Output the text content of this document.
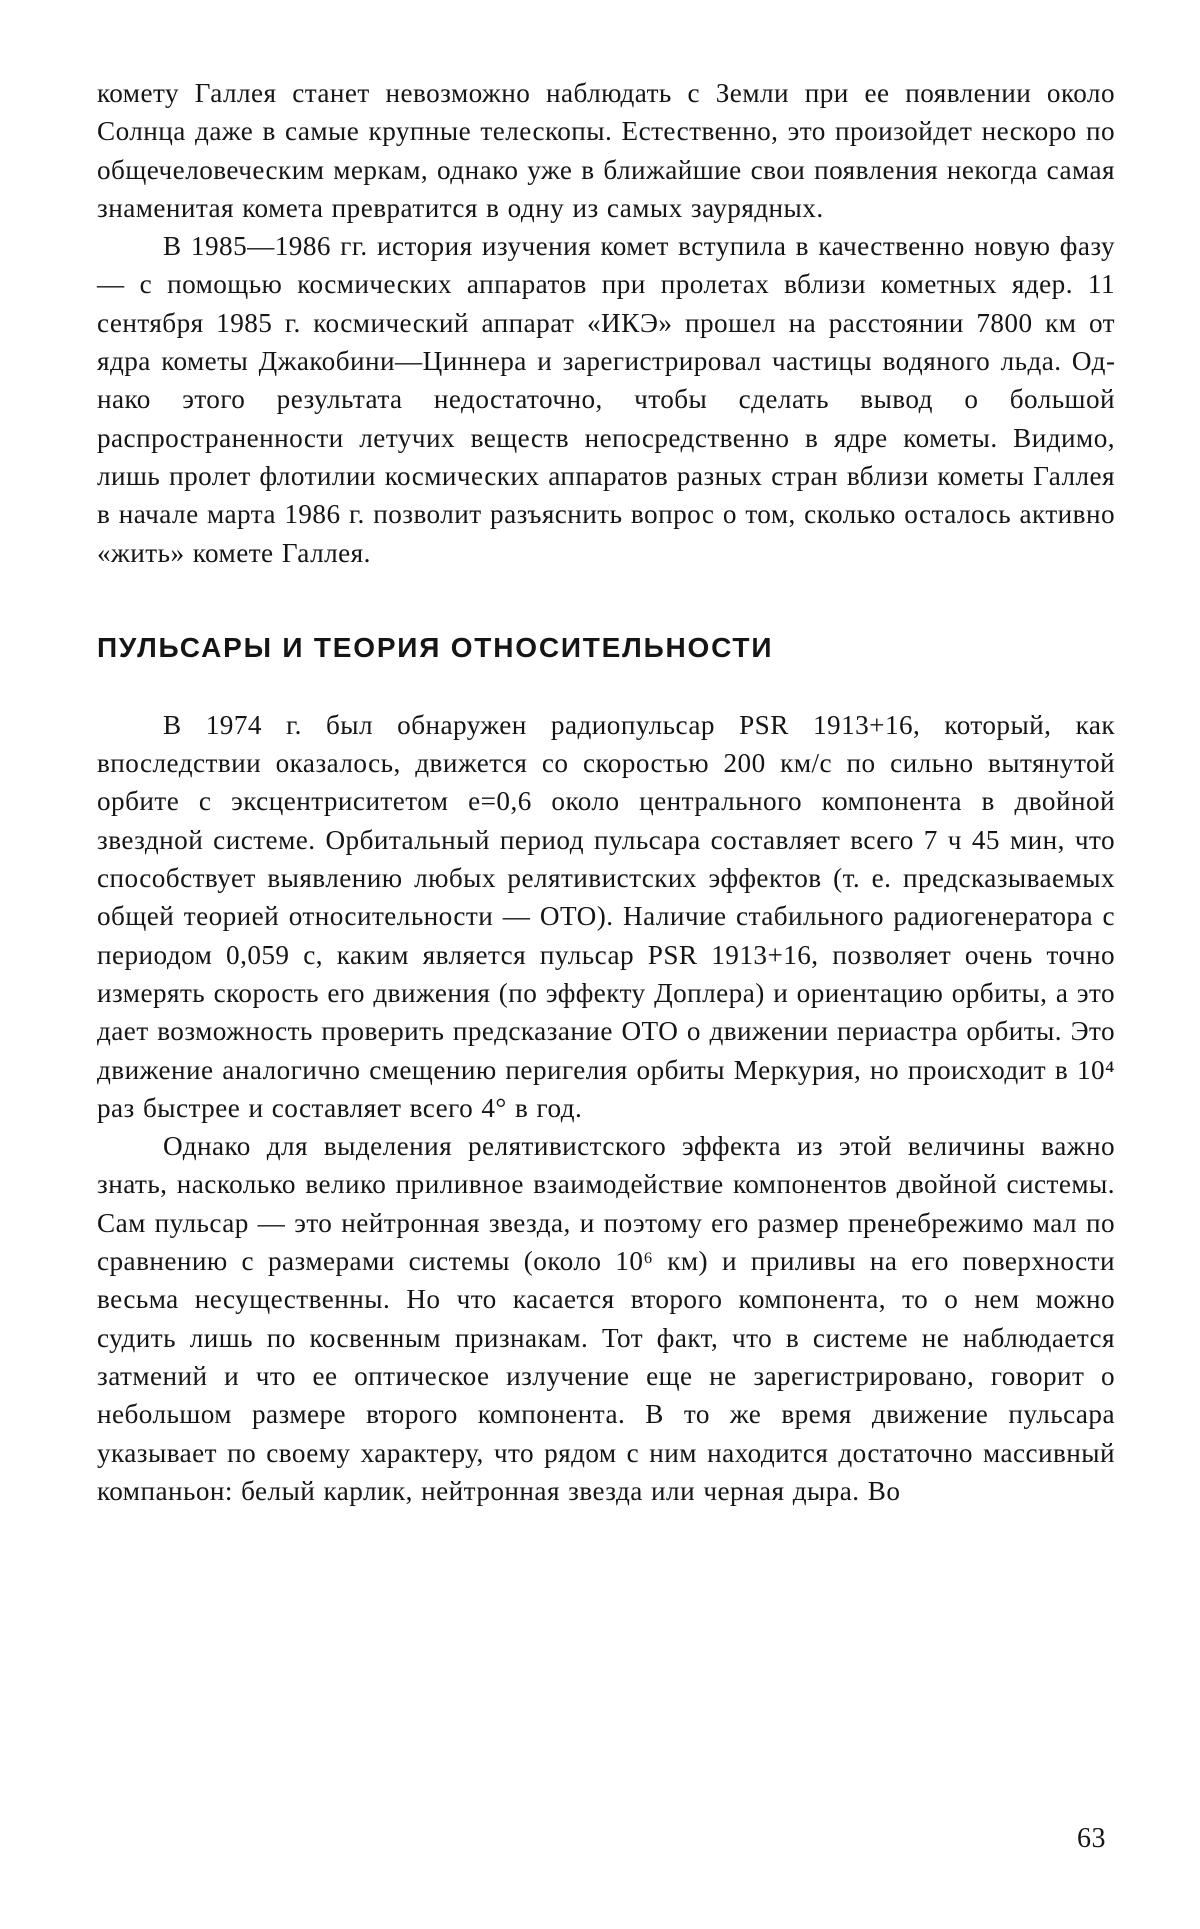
комету Галлея станет невозможно наблюдать с Земли при ее появлении около Солнца даже в самые крупные телескопы. Естественно, это произойдет нескоро по общечеловеческим меркам, однако уже в ближайшие свои появления некогда самая знаменитая комета превратится в одну из самых заурядных.

В 1985—1986 гг. история изучения комет вступила в качественно новую фазу — с помощью космических аппаратов при пролетах вблизи кометных ядер. 11 сентября 1985 г. космический аппарат «ИКЭ» прошел на расстоянии 7800 км от ядра кометы Джакобини—Циннера и зарегистрировал частицы водяного льда. Однако этого результата недостаточно, чтобы сделать вывод о большой распространенности летучих веществ непосредственно в ядре кометы. Видимо, лишь пролет флотилии космических аппаратов разных стран вблизи кометы Галлея в начале марта 1986 г. позволит разъяснить вопрос о том, сколько осталось активно «жить» комете Галлея.

ПУЛЬСАРЫ И ТЕОРИЯ ОТНОСИТЕЛЬНОСТИ

В 1974 г. был обнаружен радиопульсар PSR 1913+16, который, как впоследствии оказалось, движется со скоростью 200 км/с по сильно вытянутой орбите с эксцентриситетом e=0,6 около центрального компонента в двойной звездной системе. Орбитальный период пульсара составляет всего 7 ч 45 мин, что способствует выявлению любых релятивистских эффектов (т. е. предсказываемых общей теорией относительности — ОТО). Наличие стабильного радиогенератора с периодом 0,059 с, каким является пульсар PSR 1913+16, позволяет очень точно измерять скорость его движения (по эффекту Доплера) и ориентацию орбиты, а это дает возможность проверить предсказание ОТО о движении периастра орбиты. Это движение аналогично смещению перигелия орбиты Меркурия, но происходит в 10⁴ раз быстрее и составляет всего 4° в год.

Однако для выделения релятивистского эффекта из этой величины важно знать, насколько велико приливное взаимодействие компонентов двойной системы. Сам пульсар — это нейтронная звезда, и поэтому его размер пренебрежимо мал по сравнению с размерами системы (около 10⁶ км) и приливы на его поверхности весьма несущественны. Но что касается второго компонента, то о нем можно судить лишь по косвенным признакам. Тот факт, что в системе не наблюдается затмений и что ее оптическое излучение еще не зарегистрировано, говорит о небольшом размере второго компонента. В то же время движение пульсара указывает по своему характеру, что рядом с ним находится достаточно массивный компаньон: белый карлик, нейтронная звезда или черная дыра. Во

63
